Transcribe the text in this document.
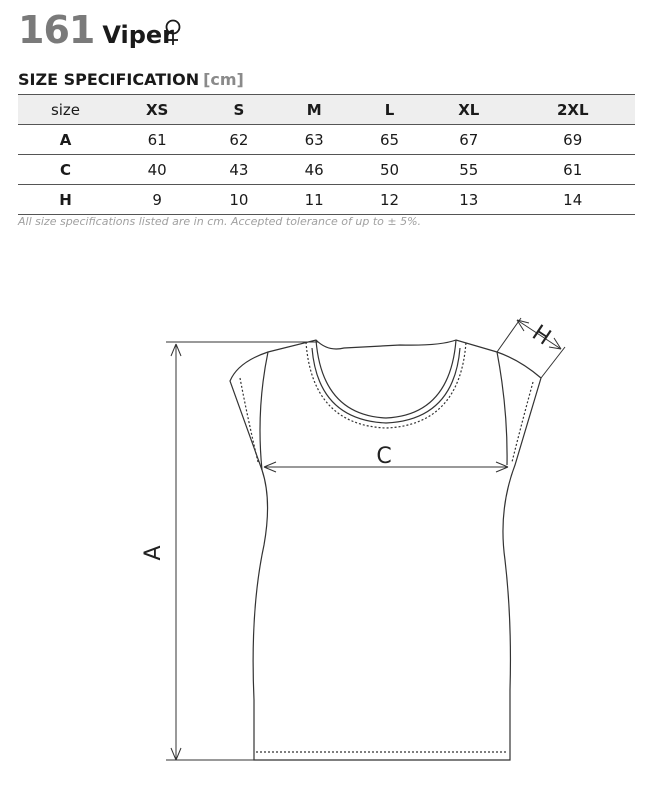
161 Viper
SIZE SPECIFICATION [cm]
size	XS	S	M	L	XL	2XL
A	61	62	63	65	67	69
C	40	43	46	50	55	61
H	9	10	11	12	13	14
All size specifications listed are in cm. Accepted tolerance of up to ± 5%.
A
C
H
